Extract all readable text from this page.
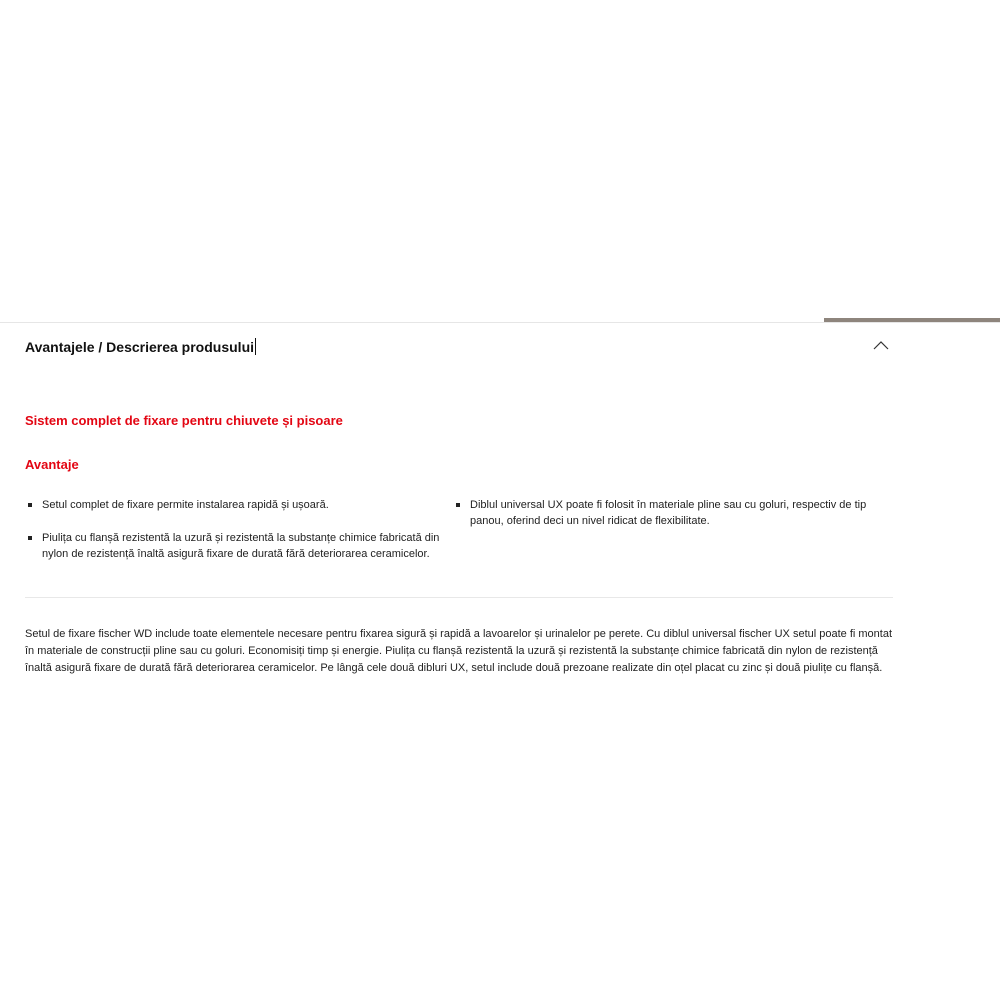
Avantajele / Descrierea produsului
Sistem complet de fixare pentru chiuvete și pisoare
Avantaje
Setul complet de fixare permite instalarea rapidă și ușoară.
Piulița cu flanșă rezistentă la uzură și rezistentă la substanțe chimice fabricată din nylon de rezistență înaltă asigură fixare de durată fără deteriorarea ceramicelor.
Diblul universal UX poate fi folosit în materiale pline sau cu goluri, respectiv de tip panou, oferind deci un nivel ridicat de flexibilitate.
Setul de fixare fischer WD include toate elementele necesare pentru fixarea sigură și rapidă a lavoarelor și urinalelor pe perete. Cu diblul universal fischer UX setul poate fi montat în materiale de construcții pline sau cu goluri. Economisiți timp și energie. Piulița cu flanșă rezistentă la uzură și rezistentă la substanțe chimice fabricată din nylon de rezistență înaltă asigură fixare de durată fără deteriorarea ceramicelor. Pe lângă cele două dibluri UX, setul include două prezoane realizate din oțel placat cu zinc și două piulițe cu flanșă.
